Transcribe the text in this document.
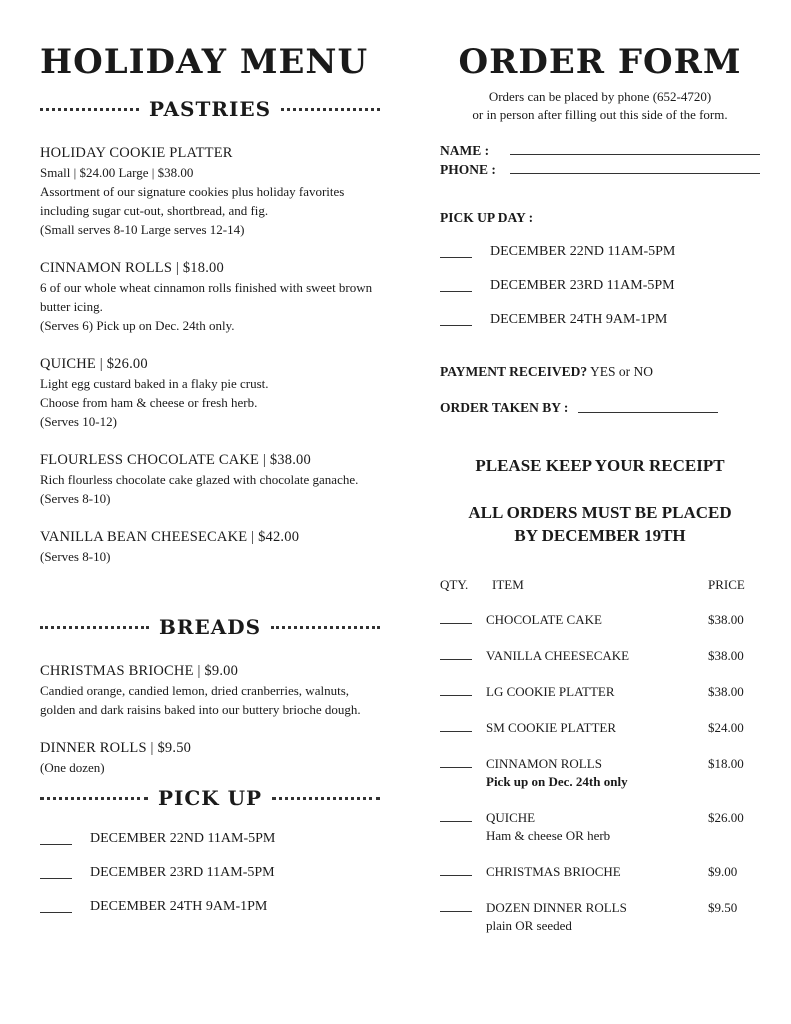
HOLIDAY MENU
PASTRIES
HOLIDAY COOKIE PLATTER
Small | $24.00 Large | $38.00
Assortment of our signature cookies plus holiday favorites including sugar cut-out, shortbread, and fig.
(Small serves 8-10 Large serves 12-14)
CINNAMON ROLLS | $18.00
6 of our whole wheat cinnamon rolls finished with sweet brown butter icing.
(Serves 6) Pick up on Dec. 24th only.
QUICHE | $26.00
Light egg custard baked in a flaky pie crust.
Choose from ham & cheese or fresh herb.
(Serves 10-12)
FLOURLESS CHOCOLATE CAKE | $38.00
Rich flourless chocolate cake glazed with chocolate ganache.
(Serves 8-10)
VANILLA BEAN CHEESECAKE | $42.00
(Serves 8-10)
BREADS
CHRISTMAS BRIOCHE | $9.00
Candied orange, candied lemon, dried cranberries, walnuts, golden and dark raisins baked into our buttery brioche dough.
DINNER ROLLS | $9.50
(One dozen)
PICK UP
DECEMBER 22ND 11AM-5PM
DECEMBER 23RD 11AM-5PM
DECEMBER 24TH 9AM-1PM
ORDER FORM
Orders can be placed by phone (652-4720)
or in person after filling out this side of the form.
NAME :
PHONE :
PICK UP DAY :
DECEMBER 22ND 11AM-5PM
DECEMBER 23RD 11AM-5PM
DECEMBER 24TH 9AM-1PM
PAYMENT RECEIVED? YES or NO
ORDER TAKEN BY :
PLEASE KEEP YOUR RECEIPT
ALL ORDERS MUST BE PLACED
BY DECEMBER 19TH
QTY.	ITEM	PRICE
CHOCOLATE CAKE	$38.00
VANILLA CHEESECAKE	$38.00
LG COOKIE PLATTER	$38.00
SM COOKIE PLATTER	$24.00
CINNAMON ROLLS
Pick up on Dec. 24th only
$18.00
QUICHE
Ham & cheese OR herb
$26.00
CHRISTMAS BRIOCHE	$9.00
DOZEN DINNER ROLLS
plain OR seeded
$9.50
